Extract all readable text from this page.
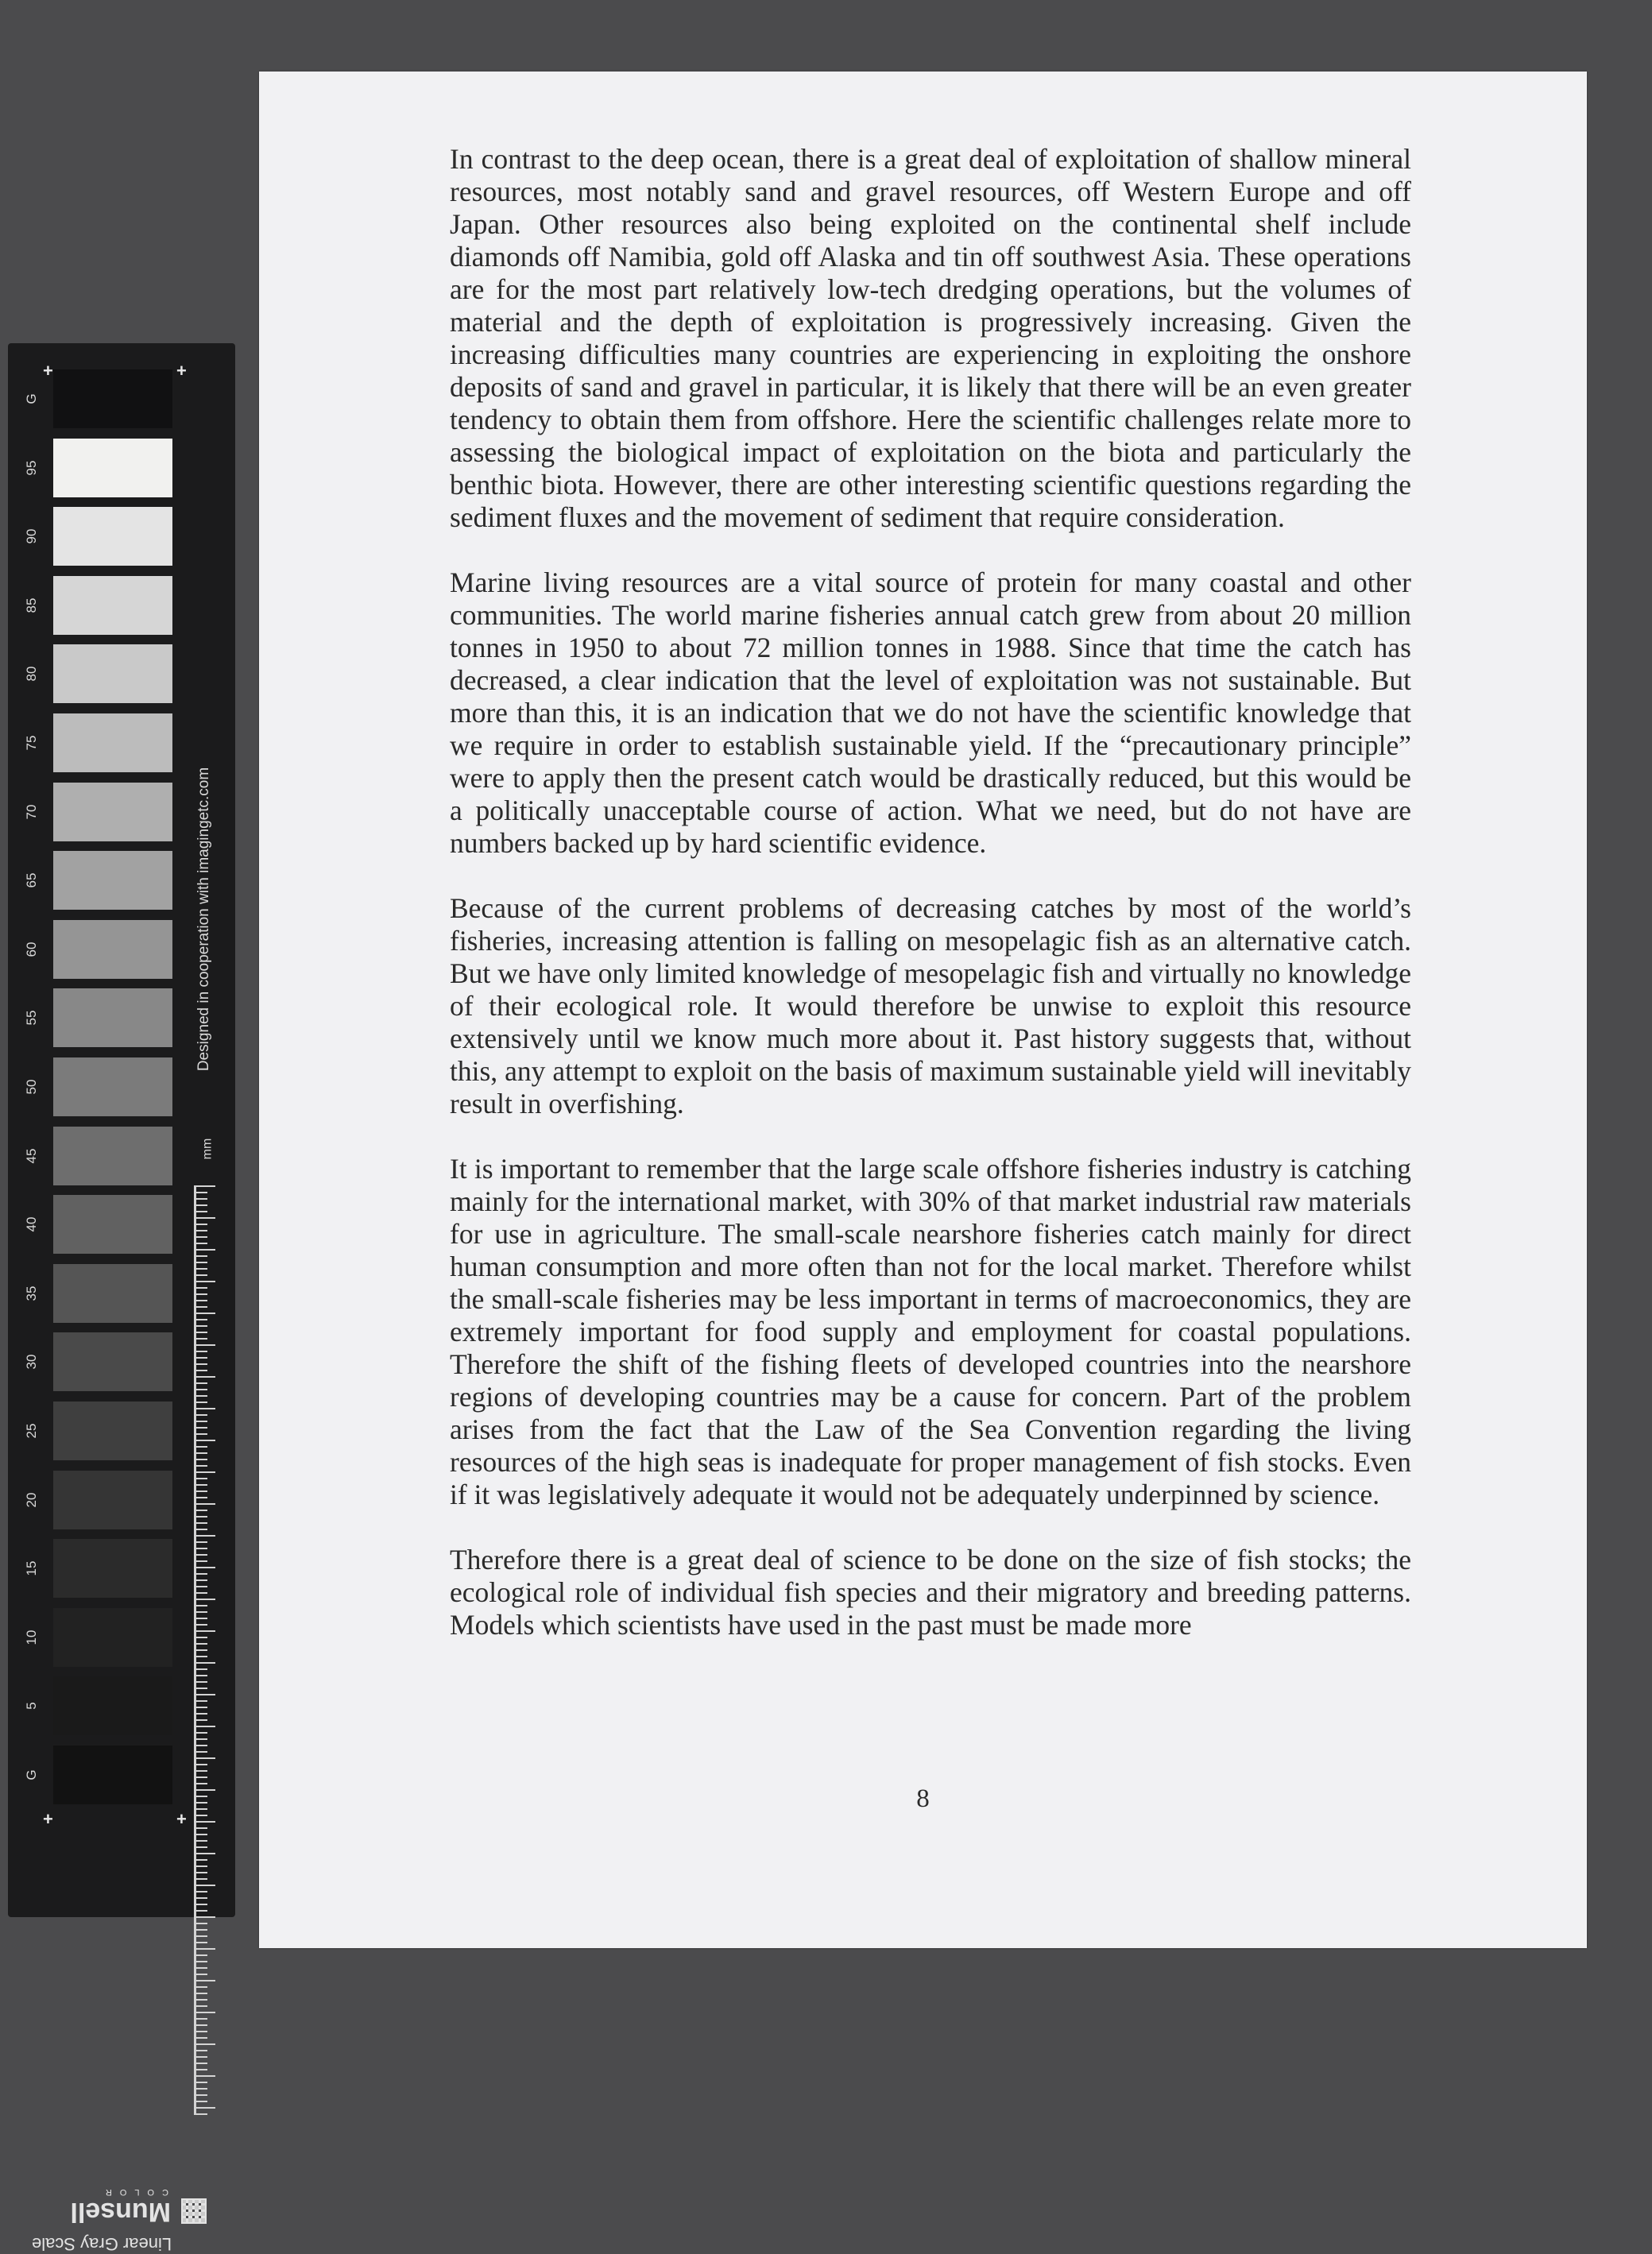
+	+
+	+
Designed in cooperation with imagingetc.com
mm
Linear Gray Scale
Munsell
COLOR
G
95
90
85
80
75
70
65
60
55
50
45
40
35
30
25
20
15
10
5
G

In contrast to the deep ocean, there is a great deal of exploitation of shallow mineral resources, most notably sand and gravel resources, off Western Europe and off Japan. Other resources also being exploited on the continental shelf include diamonds off Namibia, gold off Alaska and tin off southwest Asia. These operations are for the most part relatively low-tech dredging operations, but the volumes of material and the depth of exploitation is progressively increasing. Given the increasing difficulties many countries are experiencing in exploiting the onshore deposits of sand and gravel in particular, it is likely that there will be an even greater tendency to obtain them from offshore. Here the scientific challenges relate more to assessing the biological impact of exploitation on the biota and particularly the benthic biota. However, there are other interesting scientific questions regarding the sediment fluxes and the movement of sediment that require consideration.

Marine living resources are a vital source of protein for many coastal and other communities. The world marine fisheries annual catch grew from about 20 million tonnes in 1950 to about 72 million tonnes in 1988. Since that time the catch has decreased, a clear indication that the level of exploitation was not sustainable. But more than this, it is an indication that we do not have the scientific knowledge that we require in order to establish sustainable yield. If the “precautionary principle” were to apply then the present catch would be drastically reduced, but this would be a politically unacceptable course of action. What we need, but do not have are numbers backed up by hard scientific evidence.

Because of the current problems of decreasing catches by most of the world’s fisheries, increasing attention is falling on mesopelagic fish as an alternative catch. But we have only limited knowledge of mesopelagic fish and virtually no knowledge of their ecological role. It would therefore be unwise to exploit this resource extensively until we know much more about it. Past history suggests that, without this, any attempt to exploit on the basis of maximum sustainable yield will inevitably result in overfishing.

It is important to remember that the large scale offshore fisheries industry is catching mainly for the international market, with 30% of that market industrial raw materials for use in agriculture. The small-scale nearshore fisheries catch mainly for direct human consumption and more often than not for the local market. Therefore whilst the small-scale fisheries may be less important in terms of macroeconomics, they are extremely important for food supply and employment for coastal populations. Therefore the shift of the fishing fleets of developed countries into the nearshore regions of developing countries may be a cause for concern. Part of the problem arises from the fact that the Law of the Sea Convention regarding the living resources of the high seas is inadequate for proper management of fish stocks. Even if it was legislatively adequate it would not be adequately underpinned by science.

Therefore there is a great deal of science to be done on the size of fish stocks; the ecological role of individual fish species and their migratory and breeding patterns. Models which scientists have used in the past must be made more

8
